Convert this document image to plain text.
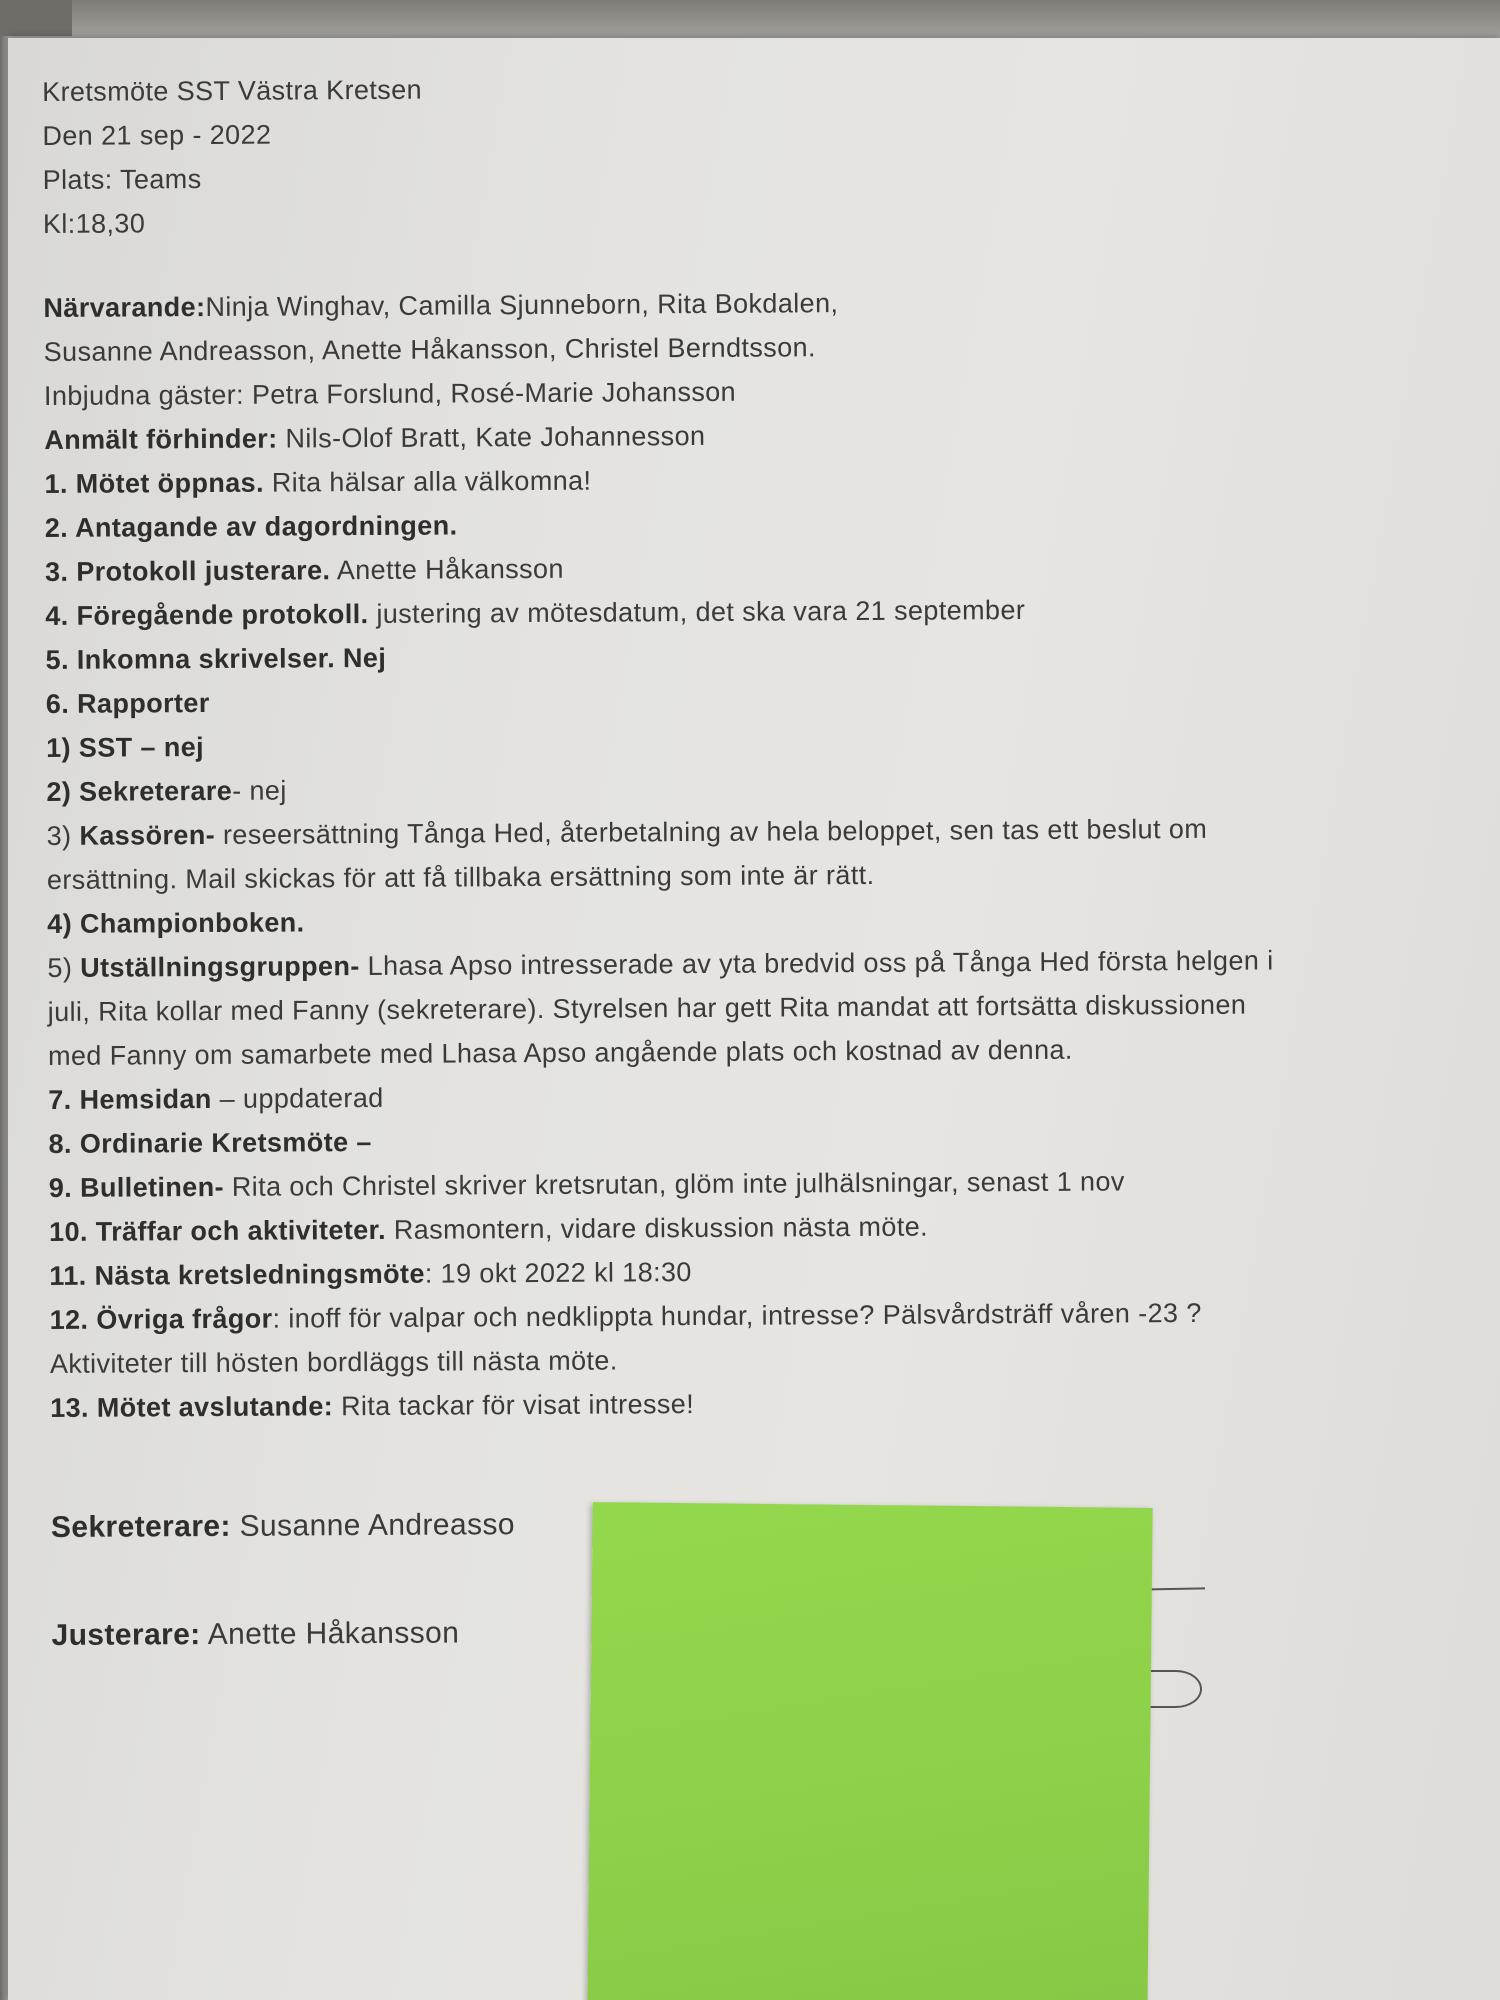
Kretsmöte SST Västra Kretsen
Den 21 sep - 2022
Plats: Teams
Kl:18,30
Närvarande:Ninja Winghav, Camilla Sjunneborn, Rita Bokdalen,
Susanne Andreasson, Anette Håkansson, Christel Berndtsson.
Inbjudna gäster: Petra Forslund, Rosé-Marie Johansson
Anmält förhinder: Nils-Olof Bratt, Kate Johannesson
1. Mötet öppnas. Rita hälsar alla välkomna!
2. Antagande av dagordningen.
3. Protokoll justerare. Anette Håkansson
4. Föregående protokoll. justering av mötesdatum, det ska vara 21 september
5. Inkomna skrivelser. Nej
6. Rapporter
1) SST – nej
2) Sekreterare- nej
3) Kassören- reseersättning Tånga Hed, återbetalning av hela beloppet, sen tas ett beslut om
ersättning. Mail skickas för att få tillbaka ersättning som inte är rätt.
4) Championboken.
5) Utställningsgruppen- Lhasa Apso intresserade av yta bredvid oss på Tånga Hed första helgen i
juli, Rita kollar med Fanny (sekreterare). Styrelsen har gett Rita mandat att fortsätta diskussionen
med Fanny om samarbete med Lhasa Apso angående plats och kostnad av denna.
7. Hemsidan – uppdaterad
8. Ordinarie Kretsmöte –
9. Bulletinen- Rita och Christel skriver kretsrutan, glöm inte julhälsningar, senast 1 nov
10. Träffar och aktiviteter. Rasmontern, vidare diskussion nästa möte.
11. Nästa kretsledningsmöte: 19 okt 2022 kl 18:30
12. Övriga frågor: inoff för valpar och nedklippta hundar, intresse? Pälsvårdsträff våren -23 ?
Aktiviteter till hösten bordläggs till nästa möte.
13. Mötet avslutande: Rita tackar för visat intresse!
Sekreterare: Susanne Andreasso
Justerare: Anette Håkansson
